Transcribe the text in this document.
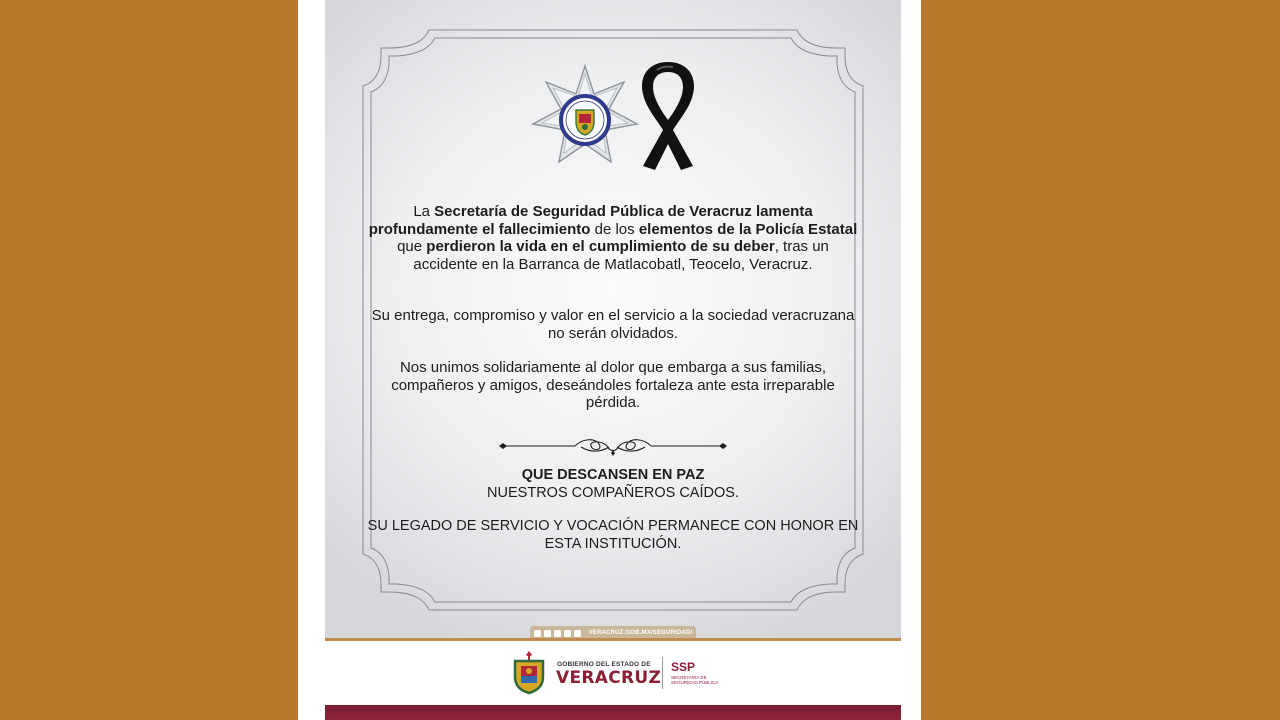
La Secretaría de Seguridad Pública de Veracruz lamenta profundamente el fallecimiento de los elementos de la Policía Estatal que perdieron la vida en el cumplimiento de su deber, tras un accidente en la Barranca de Matlacobatl, Teocelo, Veracruz.

Su entrega, compromiso y valor en el servicio a la sociedad veracruzana no serán olvidados.

Nos unimos solidariamente al dolor que embarga a sus familias, compañeros y amigos, deseándoles fortaleza ante esta irreparable pérdida.

QUE DESCANSEN EN PAZ
NUESTROS COMPAÑEROS CAÍDOS.

SU LEGADO DE SERVICIO Y VOCACIÓN PERMANECE CON HONOR EN ESTA INSTITUCIÓN.

VERACRUZ.GOB.MX/SEGURIDAD/
GOBIERNO DEL ESTADO DE
VERACRUZ
SSP
SECRETARÍA DE SEGURIDAD PÚBLICA
